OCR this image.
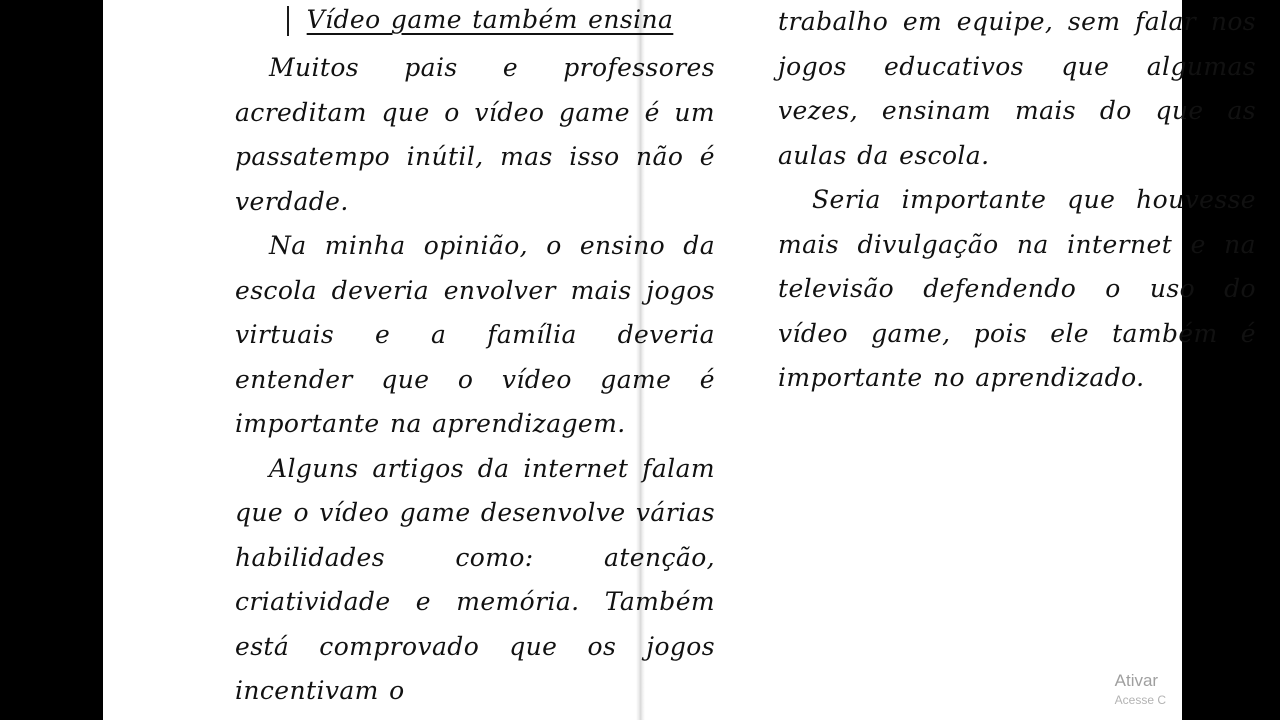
Vídeo game também ensina

Muitos pais e professores acreditam que o vídeo game é um passatempo inútil, mas isso não é verdade.

Na minha opinião, o ensino da escola deveria envolver mais jogos virtuais e a família deveria entender que o vídeo game é importante na aprendizagem.

Alguns artigos da internet falam que o vídeo game desenvolve várias habilidades como: atenção, criatividade e memória. Também está comprovado que os jogos incentivam o

trabalho em equipe, sem falar nos jogos educativos que algumas vezes, ensinam mais do que as aulas da escola.

Seria importante que houvesse mais divulgação na internet e na televisão defendendo o uso do vídeo game, pois ele também é importante no aprendizado.

Ativar
Acesse C
